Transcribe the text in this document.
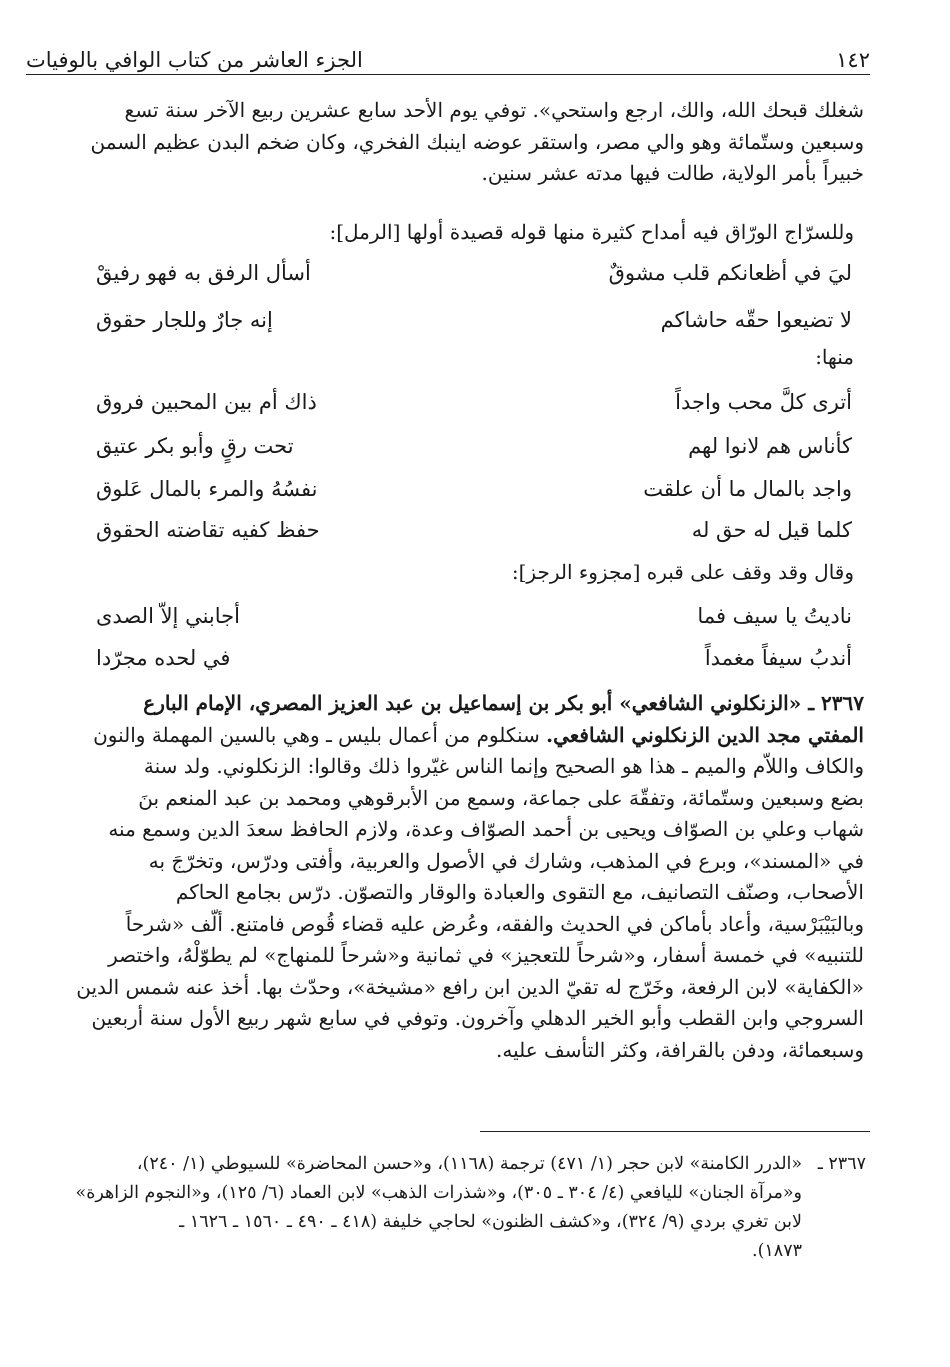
١٤٢
الجزء العاشر من كتاب الوافي بالوفيات
شغلك قبحك الله، والك، ارجع واستحي». توفي يوم الأحد سابع عشرين ربيع الآخر سنة تسع
وسبعين وستّمائة وهو والي مصر، واستقر عوضه اينبك الفخري، وكان ضخم البدن عظيم السمن
خبيراً بأمر الولاية، طالت فيها مدته عشر سنين.
وللسرّاج الورّاق فيه أمداح كثيرة منها قوله قصيدة أولها [الرمل]:
ليَ في أظعانكم قلب مشوقٌ
أسأل الرفق به فهو رفيقْ
لا تضيعوا حقّه حاشاكم
إنه جارٌ وللجار حقوق
منها:
أترى كلَّ محب واجداً
ذاك أم بين المحبين فروق
كأناس هم لانوا لهم
تحت رقٍ وأبو بكر عتيق
واجد بالمال ما أن علقت
نفسُهُ والمرء بالمال عَلوق
كلما قيل له حق له
حفظ كفيه تقاضته الحقوق
وقال وقد وقف على قبره [مجزوء الرجز]:
ناديتُ يا سيف فما
أجابني إلاّ الصدى
أندبُ سيفاً مغمداً
في لحده مجرّدا
٢٣٦٧ ـ «الزنكلوني الشافعي» أبو بكر بن إسماعيل بن عبد العزيز المصري، الإمام البارع
المفتي مجد الدين الزنكلوني الشافعي. سنكلوم من أعمال بليس ـ وهي بالسين المهملة والنون
والكاف واللاّم والميم ـ هذا هو الصحيح وإنما الناس غيّروا ذلك وقالوا: الزنكلوني. ولد سنة
بضع وسبعين وستّمائة، وتفقّهَ على جماعة، وسمع من الأبرقوهي ومحمد بن عبد المنعم بنَ
شهاب وعلي بن الصوّاف ويحيى بن أحمد الصوّاف وعدة، ولازم الحافظ سعدَ الدين وسمع منه
في «المسند»، وبرع في المذهب، وشارك في الأصول والعربية، وأفتى ودرّس، وتخرّجَ به
الأصحاب، وصنّف التصانيف، مع التقوى والعبادة والوقار والتصوّن. درّس بجامع الحاكم
وبالبَيْبَرْسية، وأعاد بأماكن في الحديث والفقه، وعُرض عليه قضاء قُوص فامتنع. ألّف «شرحاً
للتنبيه» في خمسة أسفار، و«شرحاً للتعجيز» في ثمانية و«شرحاً للمنهاج» لم يطوّلْهُ، واختصر
«الكفاية» لابن الرفعة، وخَرّج له تقيّ الدين ابن رافع «مشيخة»، وحدّث بها. أخذ عنه شمس الدين
السروجي وابن القطب وأبو الخير الدهلي وآخرون. وتوفي في سابع شهر ربيع الأول سنة أربعين
وسبعمائة، ودفن بالقرافة، وكثر التأسف عليه.
٢٣٦٧ ـ «الدرر الكامنة» لابن حجر (١/ ٤٧١) ترجمة (١١٦٨)، و«حسن المحاضرة» للسيوطي (١/ ٢٤٠)،
و«مرآة الجنان» لليافعي (٤/ ٣٠٤ ـ ٣٠٥)، و«شذرات الذهب» لابن العماد (٦/ ١٢٥)، و«النجوم الزاهرة»
لابن تغري بردي (٩/ ٣٢٤)، و«كشف الظنون» لحاجي خليفة (٤١٨ ـ ٤٩٠ ـ ١٥٦٠ ـ ١٦٢٦ ـ
١٨٧٣).
